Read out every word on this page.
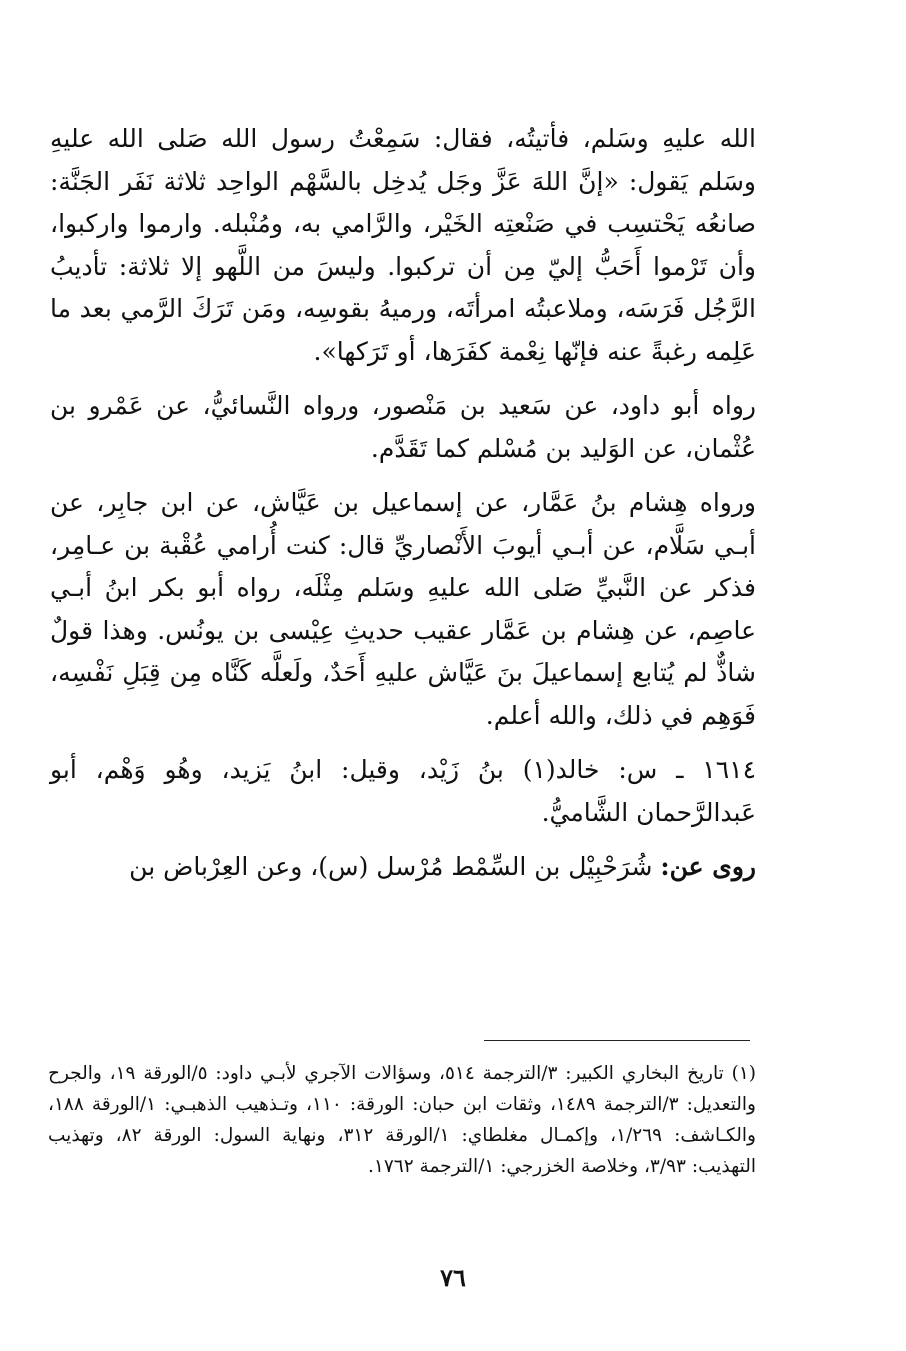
الله عليهِ وسَلم، فأتيتُه، فقال: سَمِعْتُ رسول الله صَلى الله عليهِ وسَلم يَقول: «إنَّ اللهَ عَزَّ وجَل يُدخِل بالسَّهْم الواحِد ثلاثة نَفَر الجَنَّة: صانعُه يَحْتسِب في صَنْعتِه الخَيْر، والرَّامي به، ومُنْبله. وارموا وارکبوا، وأن تَرْموا أَحَبُّ إليّ مِن أن تركبوا. وليسَ من اللَّهو إلا ثلاثة: تأديبُ الرَّجُل فَرَسَه، وملاعبتُه امرأتَه، ورميهُ بقوسِه، ومَن تَرَكَ الرَّمي بعد ما عَلِمه رغبةً عنه فإنّها نِعْمة كفَرَها، أو تَرَكها».

رواه أبو داود، عن سَعيد بن مَنْصور، ورواه النَّسائيُّ، عن عَمْرو بن عُثْمان، عن الوَليد بن مُسْلم كما تَقَدَّم.

ورواه هِشام بنُ عَمَّار، عن إسماعيل بن عَيَّاش، عن ابن جابِر، عن أبـي سَلَّام، عن أبـي أيوبَ الأَنْصاريِّ قال: كنت أُرامي عُقْبة بن عـامِر، فذكر عن النَّبيِّ صَلى الله عليهِ وسَلم مِثْلَه، رواه أبو بكر ابنُ أبـي عاصِم، عن هِشام بن عَمَّار عقيب حديثِ عِيْسى بن يونُس. وهذا قولٌ شاذٌّ لم يُتابع إسماعيلَ بنَ عَيَّاش عليهِ أَحَدٌ، ولَعلَّه كَنَّاه مِن قِبَلِ نَفْسِه، فَوَهِم في ذلك، والله أعلم.

١٦١٤ ـ س: خالد(١) بنُ زَيْد، وقيل: ابنُ يَزيد، وهُو وَهْم، أبو عَبدالرَّحمان الشَّاميُّ.

روى عن: شُرَحْبِيْل بن السِّمْط مُرْسل (س)، وعن العِرْباض بن

(١) تاريخ البخاري الكبير: ٣/الترجمة ٥١٤، وسؤالات الآجري لأبـي داود: ٥/الورقة ١٩، والجرح والتعديل: ٣/الترجمة ١٤٨٩، وثقات ابن حبان: الورقة: ١١٠، وتـذهيب الذهبـي: ١/الورقة ١٨٨، والكـاشف: ١/٢٦٩، وإكمـال مغلطاي: ١/الورقة ٣١٢، ونهاية السول: الورقة ٨٢، وتهذيب التهذيب: ٣/٩٣، وخلاصة الخزرجي: ١/الترجمة ١٧٦٢.

٧٦
